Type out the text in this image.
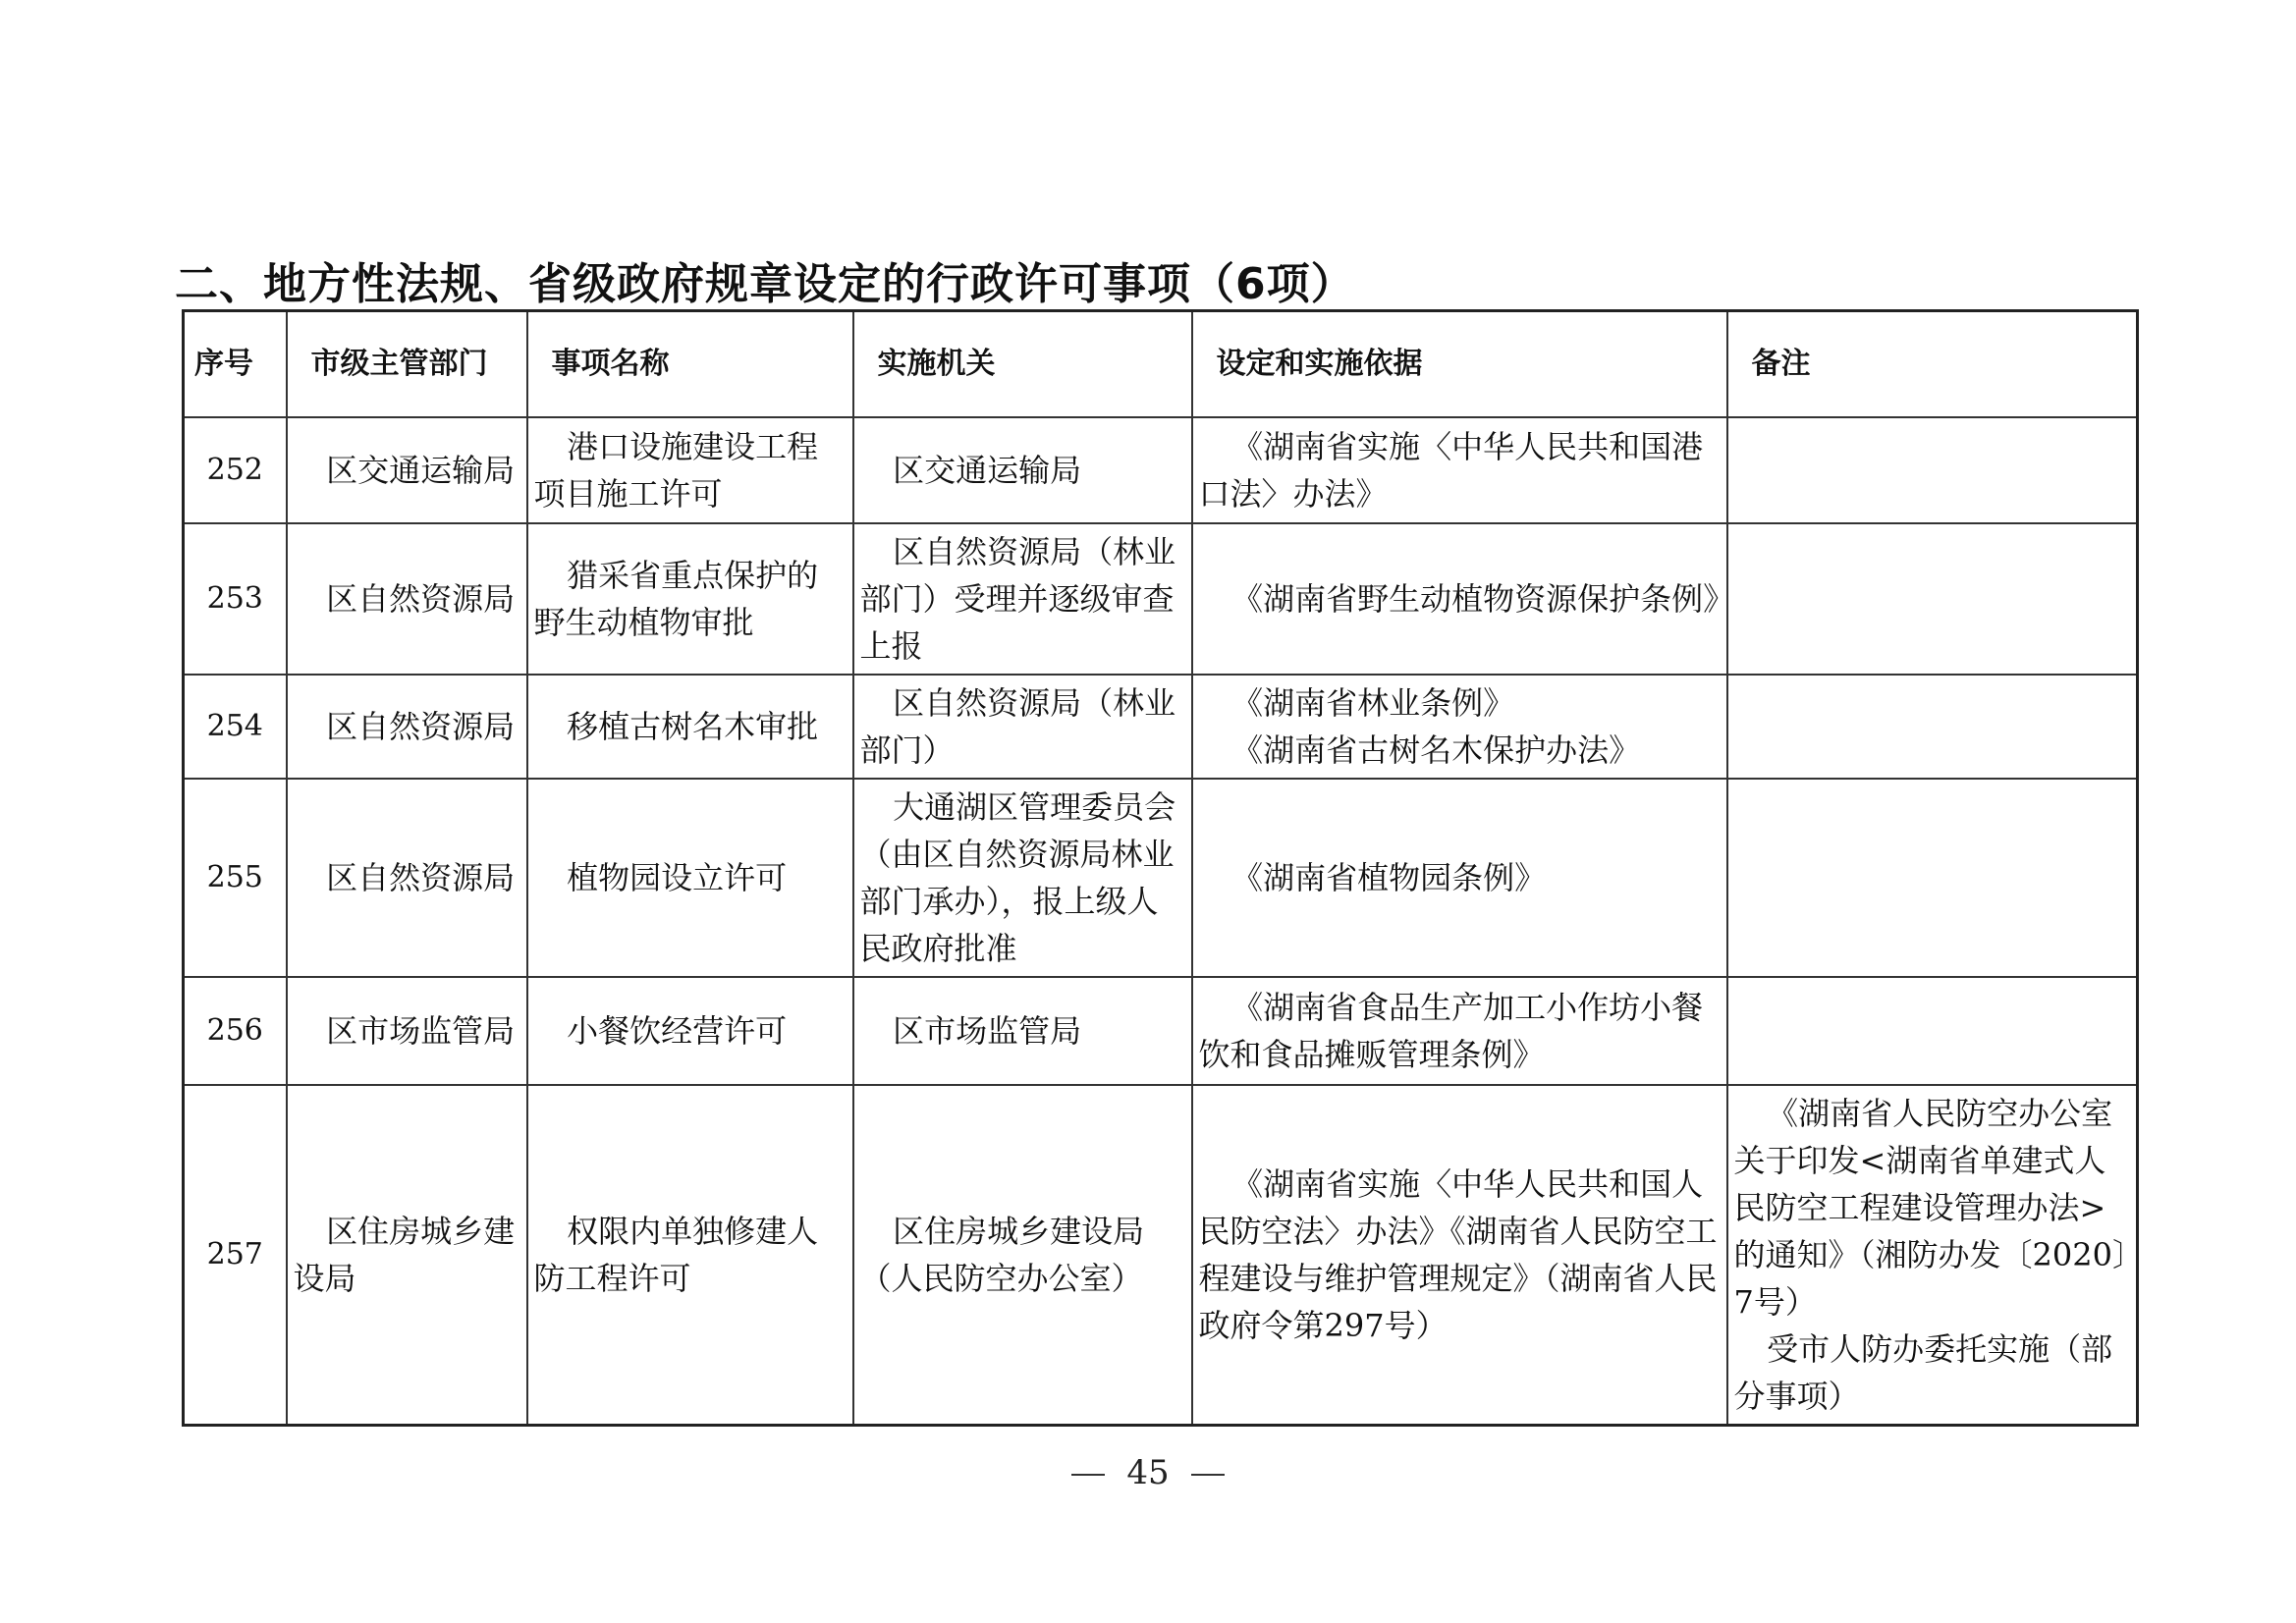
二、地方性法规、省级政府规章设定的行政许可事项（6项）
序号	市级主管部门	事项名称	实施机关	设定和实施依据	备注
252	区交通运输局	港口设施建设工程项目施工许可	区交通运输局	《湖南省实施〈中华人民共和国港口法〉办法》	

253	区自然资源局	猎采省重点保护的野生动植物审批	区自然资源局（林业部门）受理并逐级审查上报	《湖南省野生动植物资源保护条例》	

254	区自然资源局	移植古树名木审批	区自然资源局（林业部门）	《湖南省林业条例》
《湖南省古树名木保护办法》	

255	区自然资源局	植物园设立许可	大通湖区管理委员会（由区自然资源局林业部门承办），报上级人民政府批准	《湖南省植物园条例》	

256	区市场监管局	小餐饮经营许可	区市场监管局	《湖南省食品生产加工小作坊小餐饮和食品摊贩管理条例》	

257	区住房城乡建设局	权限内单独修建人防工程许可	区住房城乡建设局（人民防空办公室）	《湖南省实施〈中华人民共和国人民防空法〉办法》《湖南省人民防空工程建设与维护管理规定》（湖南省人民政府令第297号）	《湖南省人民防空办公室关于印发<湖南省单建式人民防空工程建设管理办法>的通知》（湘防办发〔2020〕7号）
受市人防办委托实施（部分事项）
45
